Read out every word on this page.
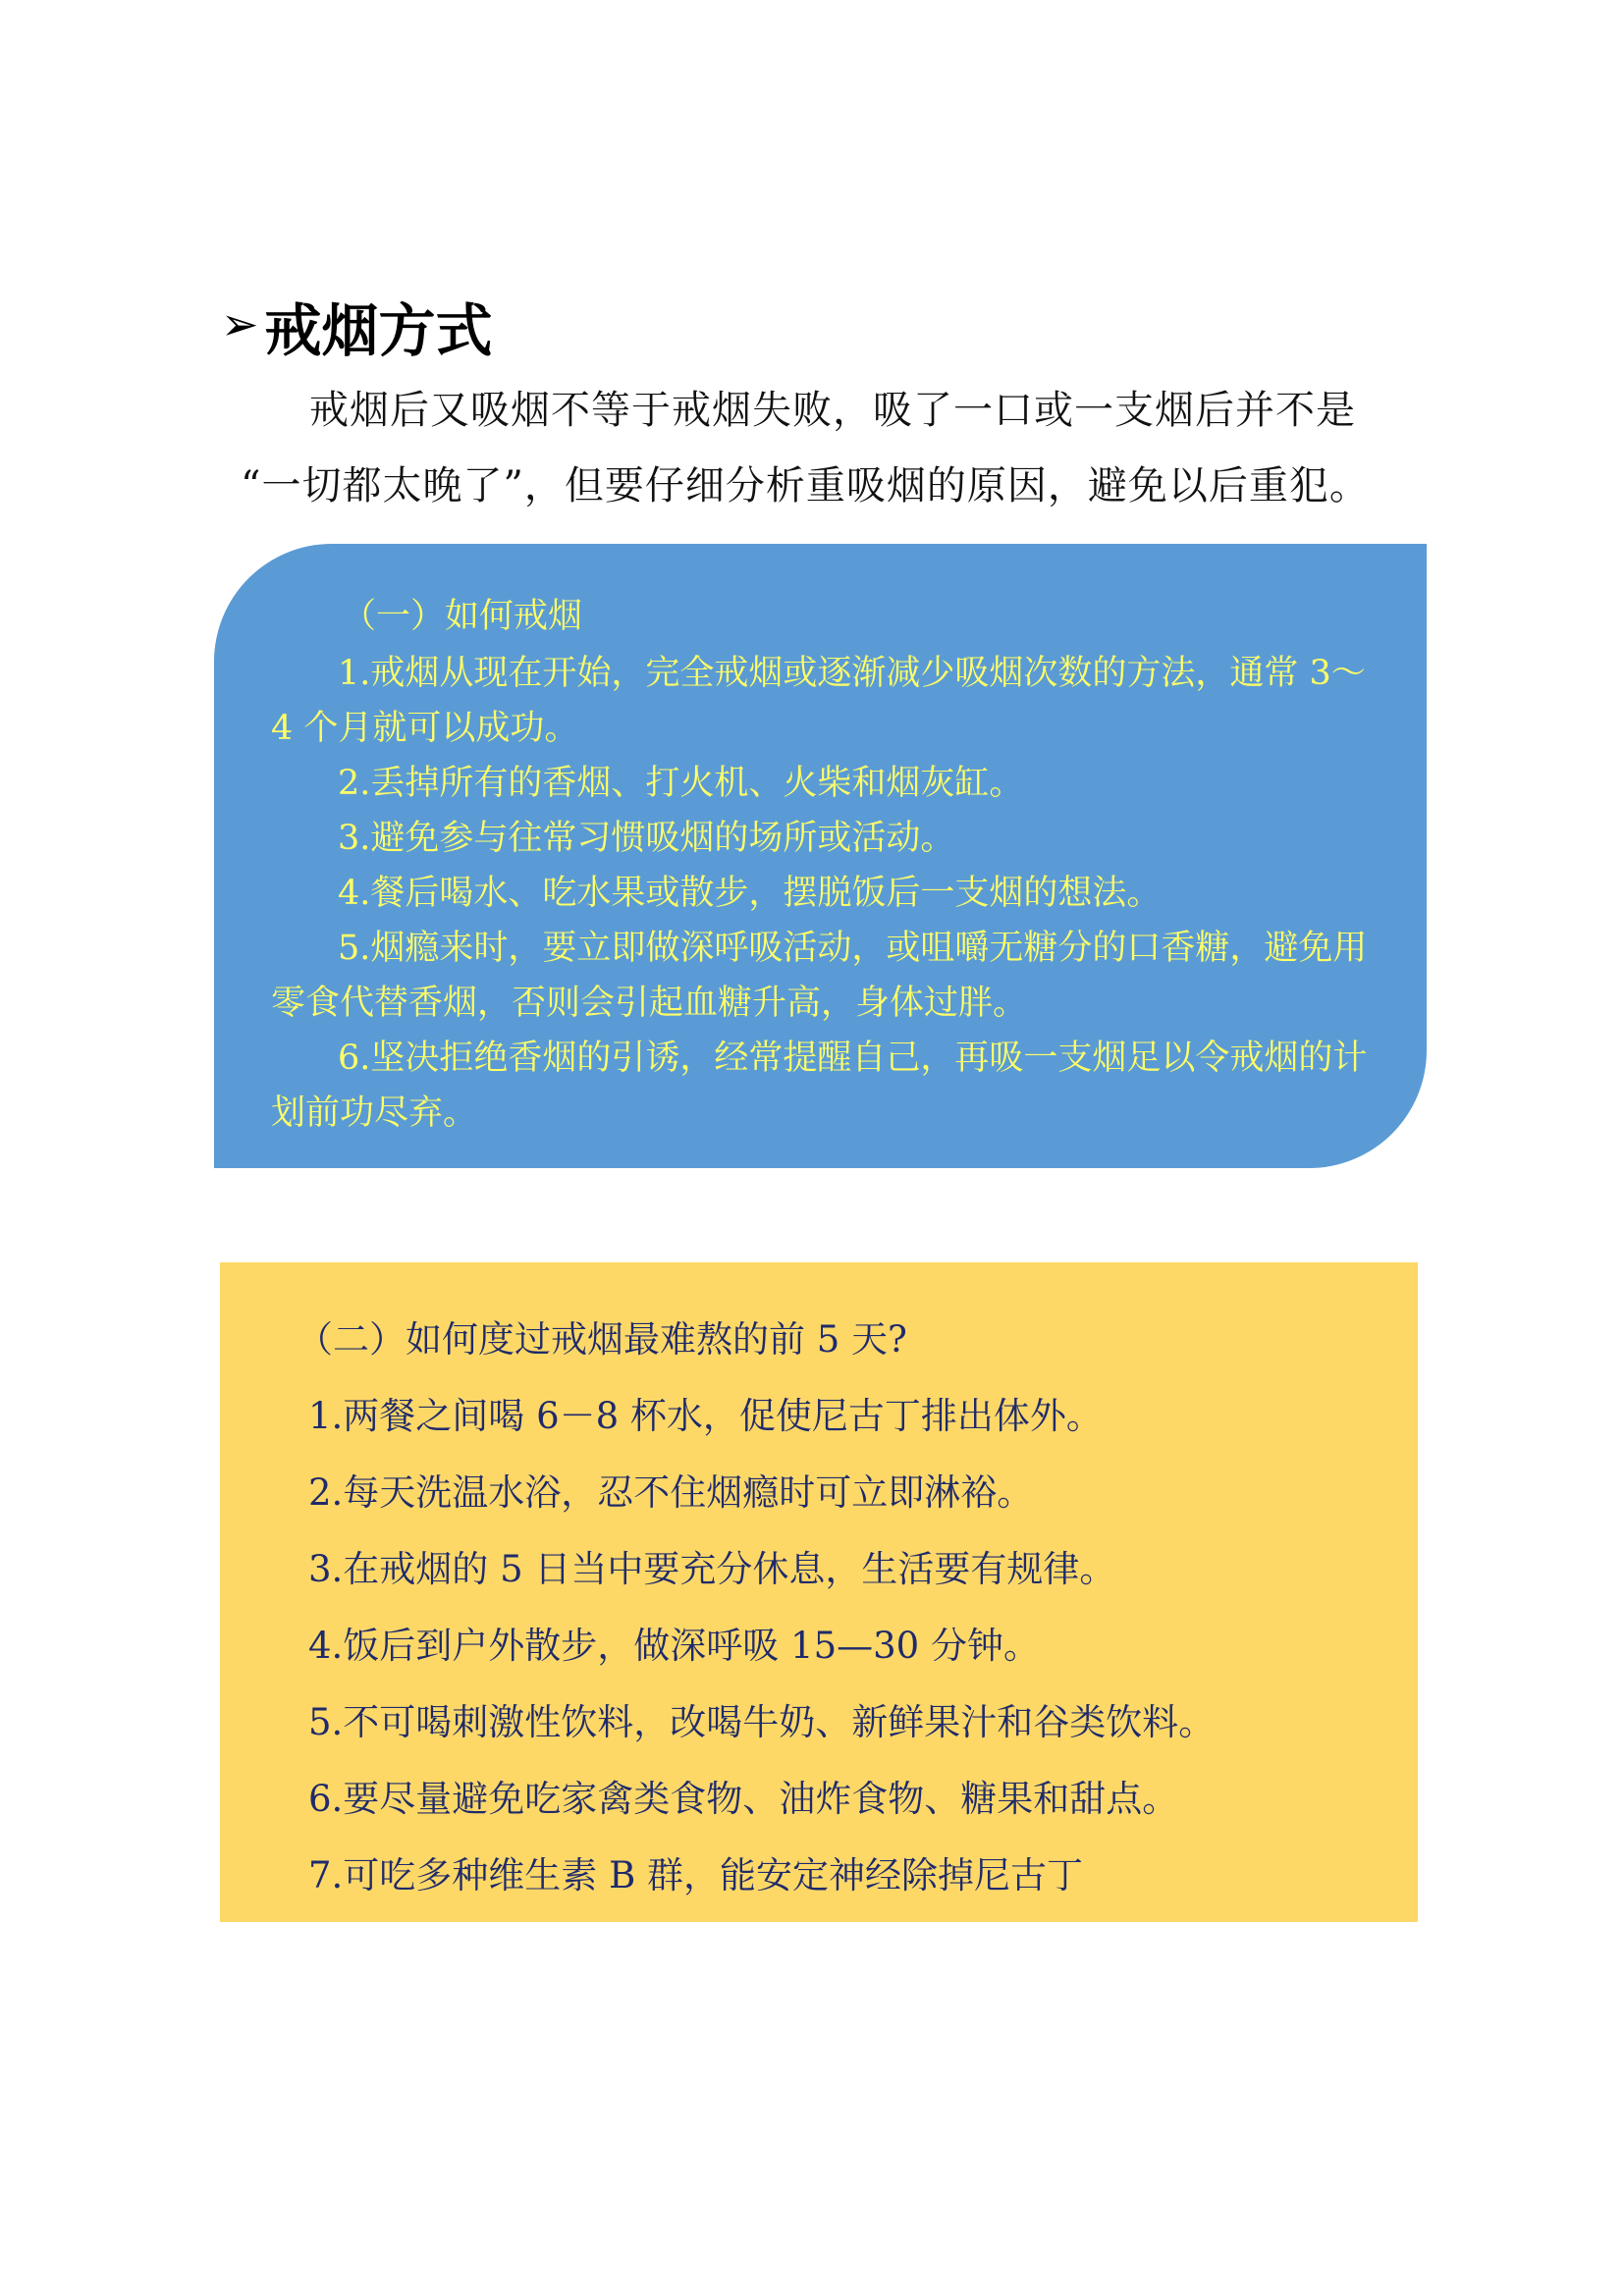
➢ 戒烟方式

戒烟后又吸烟不等于戒烟失败，吸了一口或一支烟后并不是

“一切都太晚了”，但要仔细分析重吸烟的原因，避免以后重犯。

（一）如何戒烟

1.戒烟从现在开始，完全戒烟或逐渐减少吸烟次数的方法，通常 3～4 个月就可以成功。

2.丢掉所有的香烟、打火机、火柴和烟灰缸。

3.避免参与往常习惯吸烟的场所或活动。

4.餐后喝水、吃水果或散步，摆脱饭后一支烟的想法。

5.烟瘾来时，要立即做深呼吸活动，或咀嚼无糖分的口香糖，避免用零食代替香烟，否则会引起血糖升高，身体过胖。

6.坚决拒绝香烟的引诱，经常提醒自己，再吸一支烟足以令戒烟的计划前功尽弃。

（二）如何度过戒烟最难熬的前 5 天?

1.两餐之间喝 6－8 杯水，促使尼古丁排出体外。

2.每天洗温水浴，忍不住烟瘾时可立即淋裕。

3.在戒烟的 5 日当中要充分休息，生活要有规律。

4.饭后到户外散步，做深呼吸 15—30 分钟。

5.不可喝刺激性饮料，改喝牛奶、新鲜果汁和谷类饮料。

6.要尽量避免吃家禽类食物、油炸食物、糖果和甜点。

7.可吃多种维生素 B 群，能安定神经除掉尼古丁
